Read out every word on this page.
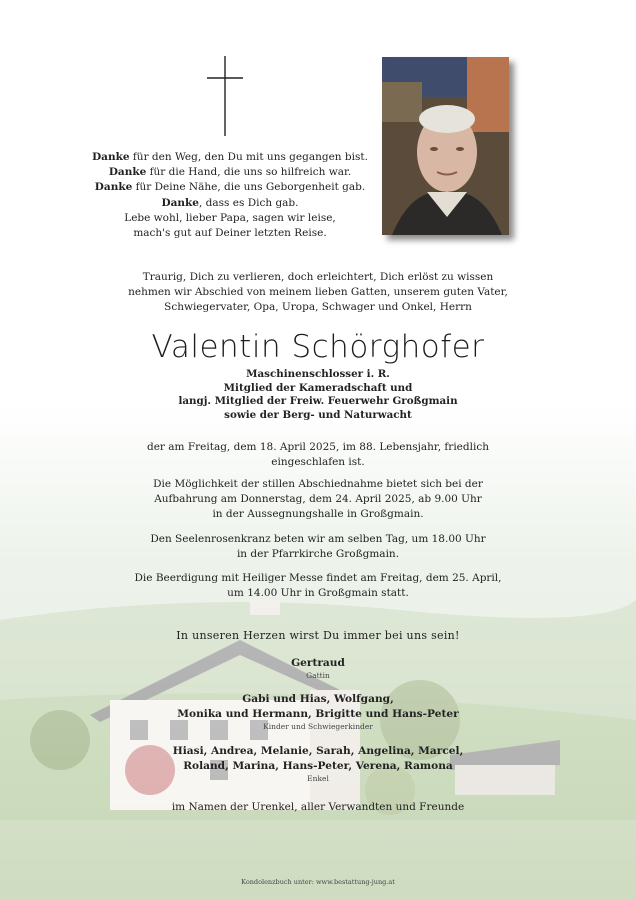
Danke für den Weg, den Du mit uns gegangen bist.
Danke für die Hand, die uns so hilfreich war.
Danke für Deine Nähe, die uns Geborgenheit gab.
Danke, dass es Dich gab.
Lebe wohl, lieber Papa, sagen wir leise,
mach's gut auf Deiner letzten Reise.
Traurig, Dich zu verlieren, doch erleichtert, Dich erlöst zu wissen
nehmen wir Abschied von meinem lieben Gatten, unserem guten Vater,
Schwiegervater, Opa, Uropa, Schwager und Onkel, Herrn
Valentin Schörghofer
Maschinenschlosser i. R.
Mitglied der Kameradschaft und
langj. Mitglied der Freiw. Feuerwehr Großgmain
sowie der Berg- und Naturwacht
der am Freitag, dem 18. April 2025, im 88. Lebensjahr, friedlich
eingeschlafen ist.
Die Möglichkeit der stillen Abschiednahme bietet sich bei der
Aufbahrung am Donnerstag, dem 24. April 2025, ab 9.00 Uhr
in der Aussegnungshalle in Großgmain.
Den Seelenrosenkranz beten wir am selben Tag, um 18.00 Uhr
in der Pfarrkirche Großgmain.
Die Beerdigung mit Heiliger Messe findet am Freitag, dem 25. April,
um 14.00 Uhr in Großgmain statt.
In unseren Herzen wirst Du immer bei uns sein!
Gertraud
Gattin
Gabi und Hias, Wolfgang,
Monika und Hermann, Brigitte und Hans-Peter
Kinder und Schwiegerkinder
Hiasi, Andrea, Melanie, Sarah, Angelina, Marcel,
Roland, Marina, Hans-Peter, Verena, Ramona
Enkel
im Namen der Urenkel, aller Verwandten und Freunde
Kondolenzbuch unter: www.bestattung-jung.at
